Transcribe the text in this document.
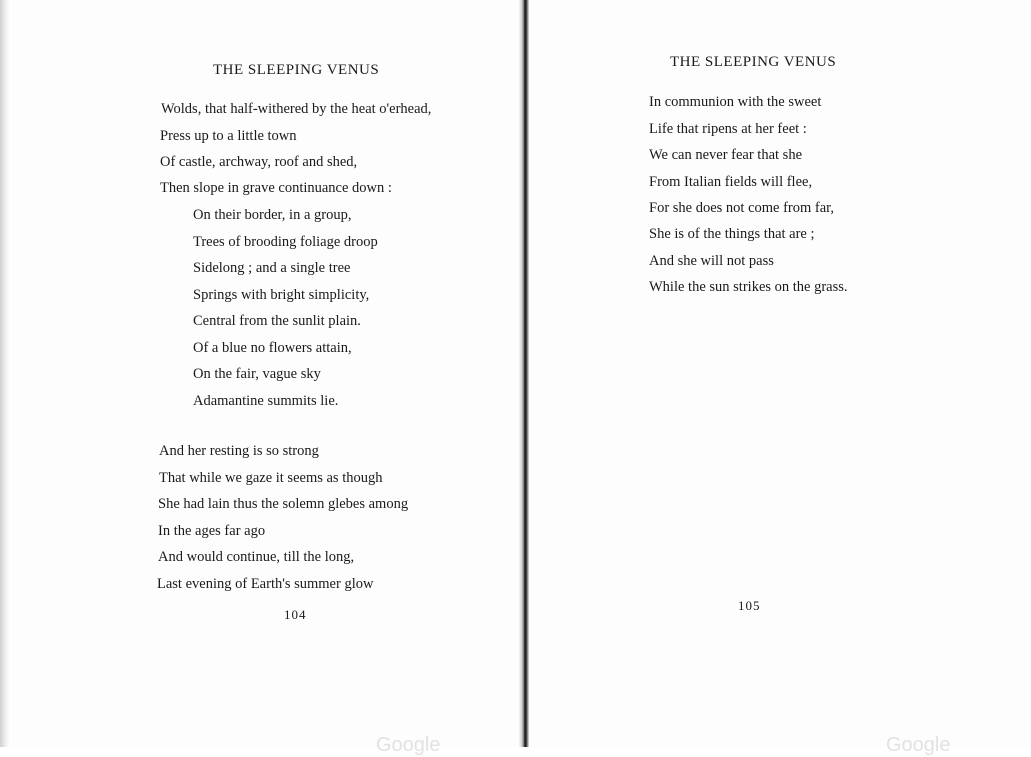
THE SLEEPING VENUS
Wolds, that half-withered by the heat o'erhead,
Press up to a little town
Of castle, archway, roof and shed,
Then slope in grave continuance down :
On their border, in a group,
Trees of brooding foliage droop
Sidelong ; and a single tree
Springs with bright simplicity,
Central from the sunlit plain.
Of a blue no flowers attain,
On the fair, vague sky
Adamantine summits lie.
And her resting is so strong
That while we gaze it seems as though
She had lain thus the solemn glebes among
In the ages far ago
And would continue, till the long,
Last evening of Earth's summer glow
104
Google
THE SLEEPING VENUS
In communion with the sweet
Life that ripens at her feet :
We can never fear that she
From Italian fields will flee,
For she does not come from far,
She is of the things that are ;
And she will not pass
While the sun strikes on the grass.
105
Google
